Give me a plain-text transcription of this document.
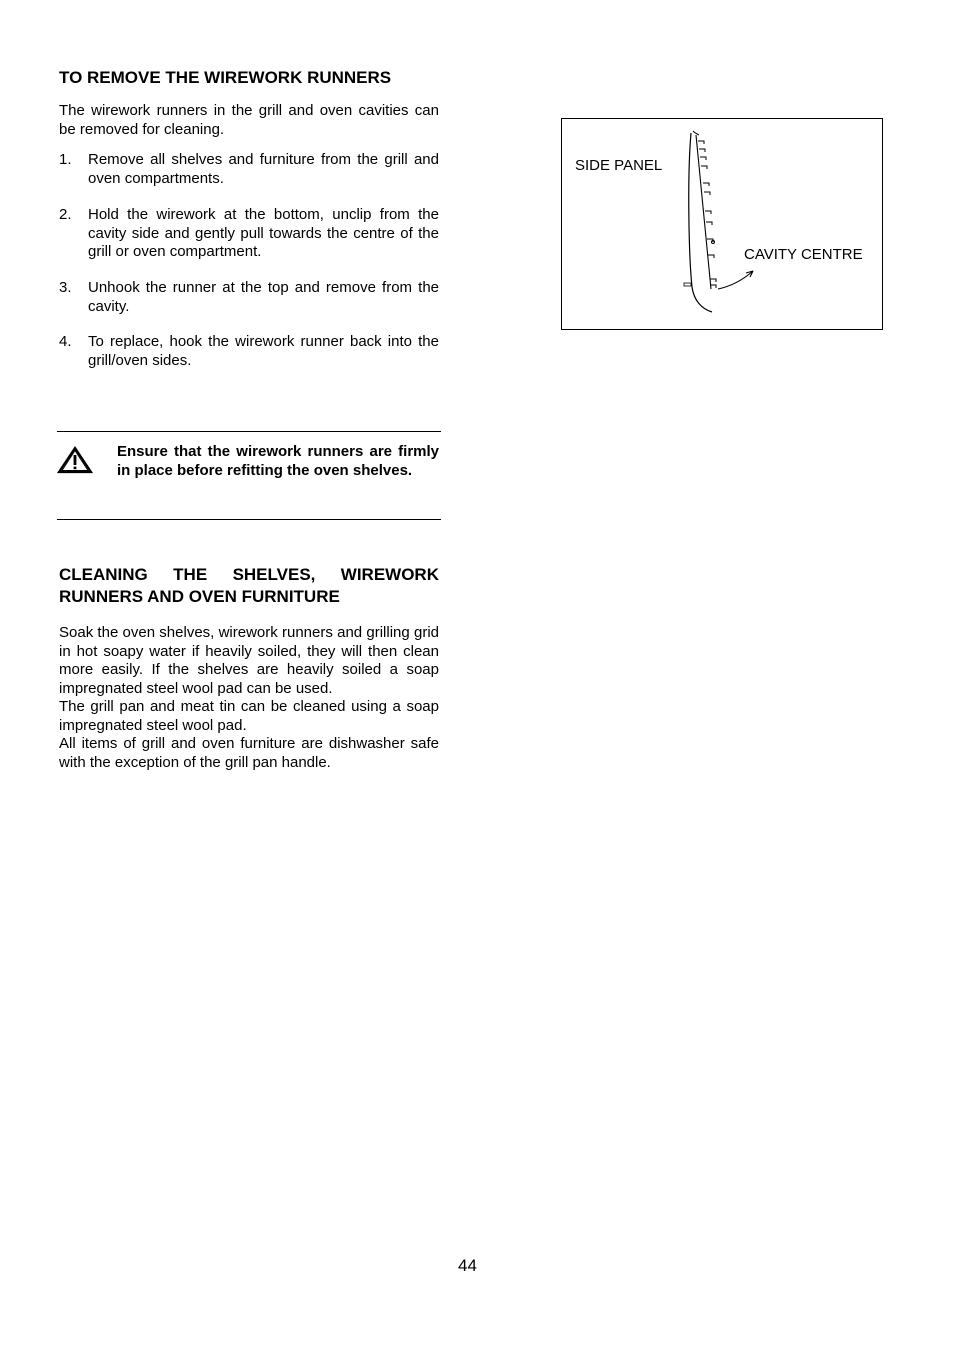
TO REMOVE THE WIREWORK RUNNERS

The wirework runners in the grill and oven cavities can be removed for cleaning.

1. Remove all shelves and furniture from the grill and oven compartments.
2. Hold the wirework at the bottom, unclip from the cavity side and gently pull towards the centre of the grill or oven compartment.
3. Unhook the runner at the top and remove from the cavity.
4. To replace, hook the wirework runner back into the grill/oven sides.
Ensure that the wirework runners are firmly in place before refitting the oven shelves.
CLEANING THE SHELVES, WIREWORK RUNNERS AND OVEN FURNITURE

Soak the oven shelves, wirework runners and grilling grid in hot soapy water if heavily soiled, they will then clean more easily. If the shelves are heavily soiled a soap impregnated steel wool pad can be used.

The grill pan and meat tin can be cleaned using a soap impregnated steel wool pad.

All items of grill and oven furniture are dishwasher safe with the exception of the grill pan handle.

SIDE PANEL
CAVITY CENTRE
44
